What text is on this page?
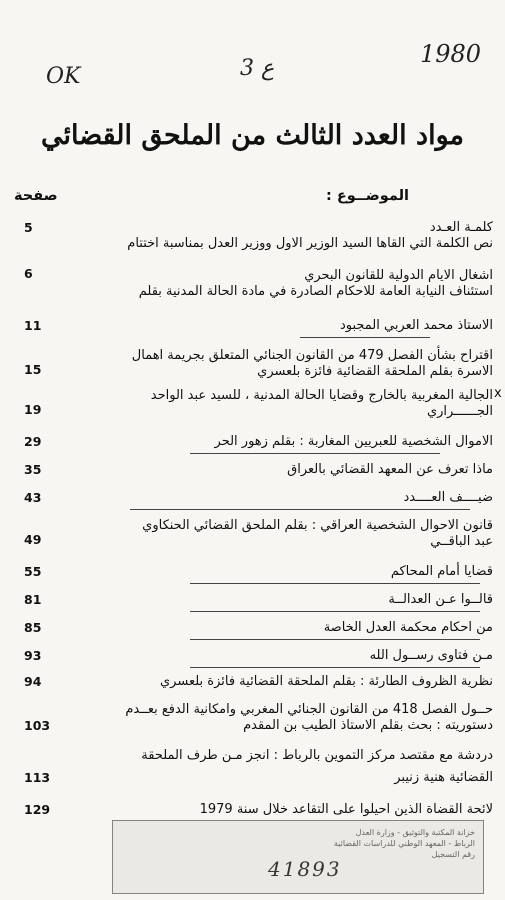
OK	ع 3
1980
مواد العدد الثالث من الملحق القضائي
الموضــوع :
صفحة
x
كلمـة العـدد
نص الكلمة التي القاها السيد الوزير الاول ووزير العدل بمناسبة اختتام
5
اشغال الايام الدولية للقانون البحري
استئناف النيابة العامة للاحكام الصادرة في مادة الحالة المدنية بقلم
6
الاستاذ محمد العربي المجبود
11
اقتراح بشأن الفصل 479 من القانون الجنائي المتعلق بجريمة اهمال
الاسرة بقلم الملحقة القضائية فائزة بلعسري
15
الجالية المغربية بالخارج وقضايا الحالة المدنية ، للسيد عبد الواحد
الجــــــراري
19
الاموال الشخصية للعبريين المغاربة : بقلم زهور الحر
29
ماذا تعرف عن المعهد القضائي بالعراق
35
ضيــــف العــــدد
43
قانون الاحوال الشخصية العراقي : بقلم الملحق القضائي الحنكاوي
عبد الباقــي
49
قضايا أمام المحاكم
55
قالــوا عـن العدالــة
81
من احكام محكمة العدل الخاصة
85
مـن فتاوى رســول الله
93
نظرية الظروف الطارئة : بقلم الملحقة القضائية فائزة بلعسري
94
حــول الفصل 418 من القانون الجنائي المغربي وامكانية الدفع بعــدم
دستوريته : بحث بقلم الاستاذ الطيب بن المقدم
103
دردشة مع مقتصد مركز التموين بالرباط : انجز مـن طرف الملحقة
القضائية هنية زنيبر
113
لائحة القضاة الذين احيلوا على التقاعد خلال سنة 1979
129
خزانة المكتبة والتوثيق - وزارة العدل
الرباط - المعهد الوطني للدراسات القضائية
رقم التسجيل
41893
